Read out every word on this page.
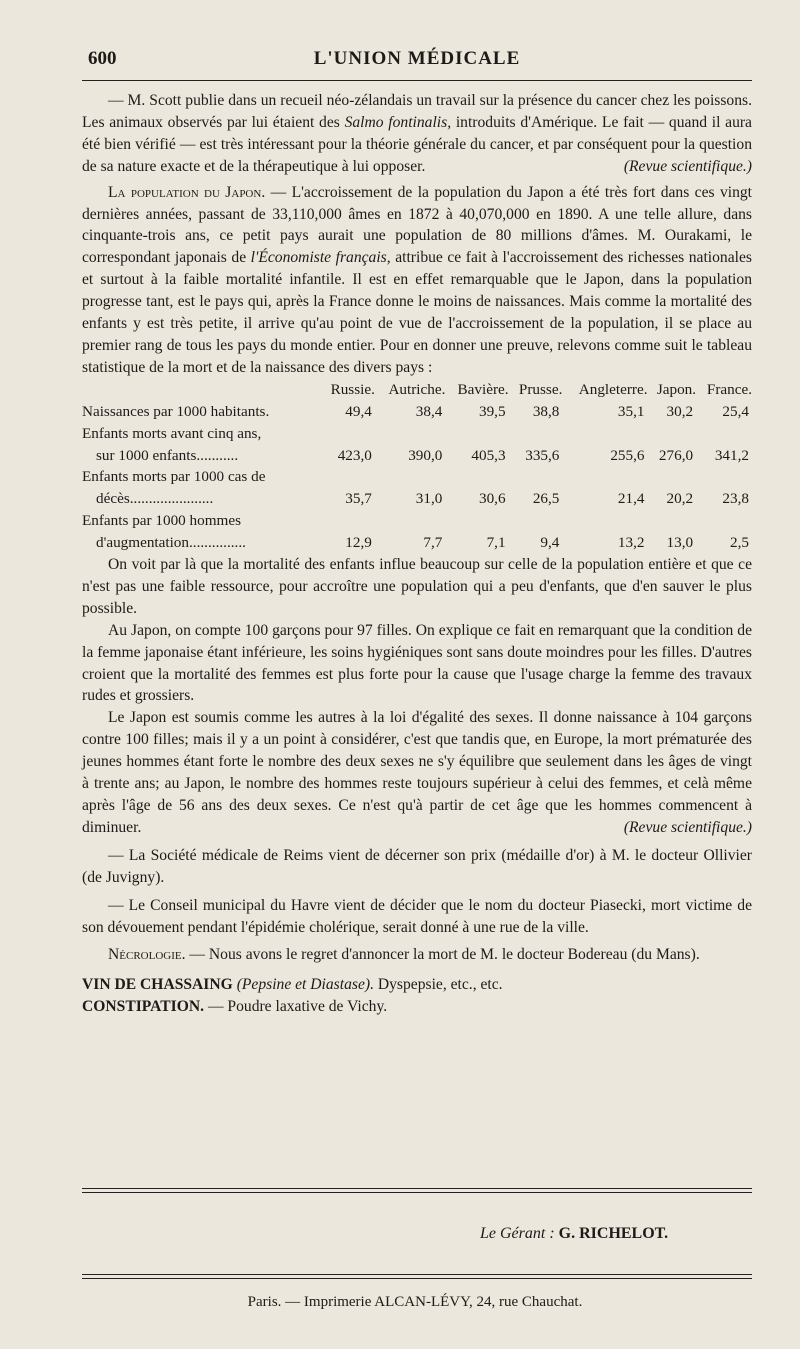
600	L'UNION MÉDICALE

— M. Scott publie dans un recueil néo-zélandais un travail sur la présence du cancer chez les poissons. Les animaux observés par lui étaient des Salmo fontinalis, introduits d'Amérique. Le fait — quand il aura été bien vérifié — est très intéressant pour la théorie générale du cancer, et par conséquent pour la question de sa nature exacte et de la thérapeutique à lui opposer.	(Revue scientifique.)

La population du Japon. — L'accroissement de la population du Japon a été très fort dans ces vingt dernières années, passant de 33,110,000 âmes en 1872 à 40,070,000 en 1890. A une telle allure, dans cinquante-trois ans, ce petit pays aurait une population de 80 millions d'âmes. M. Ourakami, le correspondant japonais de l'Économiste français, attribue ce fait à l'accroissement des richesses nationales et surtout à la faible mortalité infantile. Il est en effet remarquable que le Japon, dans la population progresse tant, est le pays qui, après la France donne le moins de naissances. Mais comme la mortalité des enfants y est très petite, il arrive qu'au point de vue de l'accroissement de la population, il se place au premier rang de tous les pays du monde entier. Pour en donner une preuve, relevons comme suit le tableau statistique de la mort et de la naissance des divers pays :

	Russie.	Autriche.	Bavière.	Prusse.	Angleterre.	Japon.	France.
Naissances par 1000 habitants.	49,4	38,4	39,5	38,8	35,1	30,2	25,4
Enfants morts avant cinq ans,							
sur 1000 enfants...........	423,0	390,0	405,3	335,6	255,6	276,0	341,2
Enfants morts par 1000 cas de							
décès......................	35,7	31,0	30,6	26,5	21,4	20,2	23,8
Enfants par 1000 hommes							
d'augmentation...............	12,9	7,7	7,1	9,4	13,2	13,0	2,5

On voit par là que la mortalité des enfants influe beaucoup sur celle de la population entière et que ce n'est pas une faible ressource, pour accroître une population qui a peu d'enfants, que d'en sauver le plus possible.

Au Japon, on compte 100 garçons pour 97 filles. On explique ce fait en remarquant que la condition de la femme japonaise étant inférieure, les soins hygiéniques sont sans doute moindres pour les filles. D'autres croient que la mortalité des femmes est plus forte pour la cause que l'usage charge la femme des travaux rudes et grossiers.

Le Japon est soumis comme les autres à la loi d'égalité des sexes. Il donne naissance à 104 garçons contre 100 filles; mais il y a un point à considérer, c'est que tandis que, en Europe, la mort prématurée des jeunes hommes étant forte le nombre des deux sexes ne s'y équilibre que seulement dans les âges de vingt à trente ans; au Japon, le nombre des hommes reste toujours supérieur à celui des femmes, et celà même après l'âge de 56 ans des deux sexes. Ce n'est qu'à partir de cet âge que les hommes commencent à diminuer.	(Revue scientifique.)

— La Société médicale de Reims vient de décerner son prix (médaille d'or) à M. le docteur Ollivier (de Juvigny).

— Le Conseil municipal du Havre vient de décider que le nom du docteur Piasecki, mort victime de son dévouement pendant l'épidémie cholérique, serait donné à une rue de la ville.

Nécrologie. — Nous avons le regret d'annoncer la mort de M. le docteur Bodereau (du Mans).

VIN DE CHASSAING (Pepsine et Diastase). Dyspepsie, etc., etc.

CONSTIPATION. — Poudre laxative de Vichy.

Le Gérant : G. RICHELOT.
Paris. — Imprimerie ALCAN-LÉVY, 24, rue Chauchat.
